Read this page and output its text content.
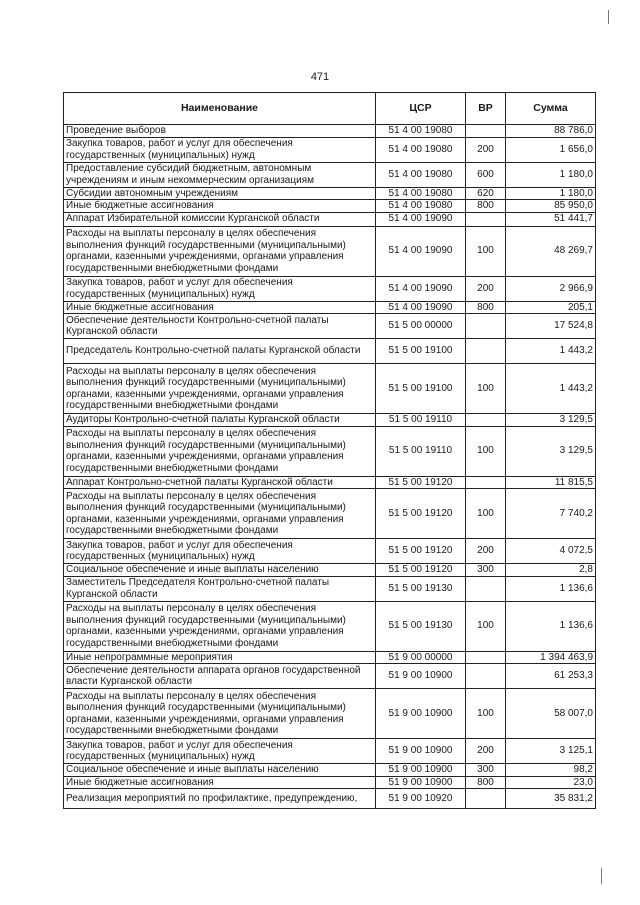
471
Наименование	ЦСР	ВР	Сумма
Проведение выборов	51 4 00 19080		88 786,0
Закупка товаров, работ и услуг для обеспечения государственных (муниципальных) нужд	51 4 00 19080	200	1 656,0
Предоставление субсидий бюджетным, автономным учреждениям и иным некоммерческим организациям	51 4 00 19080	600	1 180,0
Субсидии автономным учреждениям	51 4 00 19080	620	1 180,0
Иные бюджетные ассигнования	51 4 00 19080	800	85 950,0
Аппарат Избирательной комиссии Курганской области	51 4 00 19090		51 441,7
Расходы на выплаты персоналу в целях обеспечения выполнения функций государственными (муниципальными) органами, казенными учреждениями, органами управления государственными внебюджетными фондами	51 4 00 19090	100	48 269,7
Закупка товаров, работ и услуг для обеспечения государственных (муниципальных) нужд	51 4 00 19090	200	2 966,9
Иные бюджетные ассигнования	51 4 00 19090	800	205,1
Обеспечение деятельности Контрольно-счетной палаты Курганской области	51 5 00 00000		17 524,8
Председатель Контрольно-счетной палаты Курганской области	51 5 00 19100		1 443,2
Расходы на выплаты персоналу в целях обеспечения выполнения функций государственными (муниципальными) органами, казенными учреждениями, органами управления государственными внебюджетными фондами	51 5 00 19100	100	1 443,2
Аудиторы Контрольно-счетной палаты Курганской области	51 5 00 19110		3 129,5
Расходы на выплаты персоналу в целях обеспечения выполнения функций государственными (муниципальными) органами, казенными учреждениями, органами управления государственными внебюджетными фондами	51 5 00 19110	100	3 129,5
Аппарат Контрольно-счетной палаты Курганской области	51 5 00 19120		11 815,5
Расходы на выплаты персоналу в целях обеспечения выполнения функций государственными (муниципальными) органами, казенными учреждениями, органами управления государственными внебюджетными фондами	51 5 00 19120	100	7 740,2
Закупка товаров, работ и услуг для обеспечения государственных (муниципальных) нужд	51 5 00 19120	200	4 072,5
Социальное обеспечение и иные выплаты населению	51 5 00 19120	300	2,8
Заместитель Председателя Контрольно-счетной палаты Курганской области	51 5 00 19130		1 136,6
Расходы на выплаты персоналу в целях обеспечения выполнения функций государственными (муниципальными) органами, казенными учреждениями, органами управления государственными внебюджетными фондами	51 5 00 19130	100	1 136,6
Иные непрограммные мероприятия	51 9 00 00000		1 394 463,9
Обеспечение деятельности аппарата органов государственной власти Курганской области	51 9 00 10900		61 253,3
Расходы на выплаты персоналу в целях обеспечения выполнения функций государственными (муниципальными) органами, казенными учреждениями, органами управления государственными внебюджетными фондами	51 9 00 10900	100	58 007,0
Закупка товаров, работ и услуг для обеспечения государственных (муниципальных) нужд	51 9 00 10900	200	3 125,1
Социальное обеспечение и иные выплаты населению	51 9 00 10900	300	98,2
Иные бюджетные ассигнования	51 9 00 10900	800	23,0
Реализация мероприятий по профилактике, предупреждению,	51 9 00 10920		35 831,2
